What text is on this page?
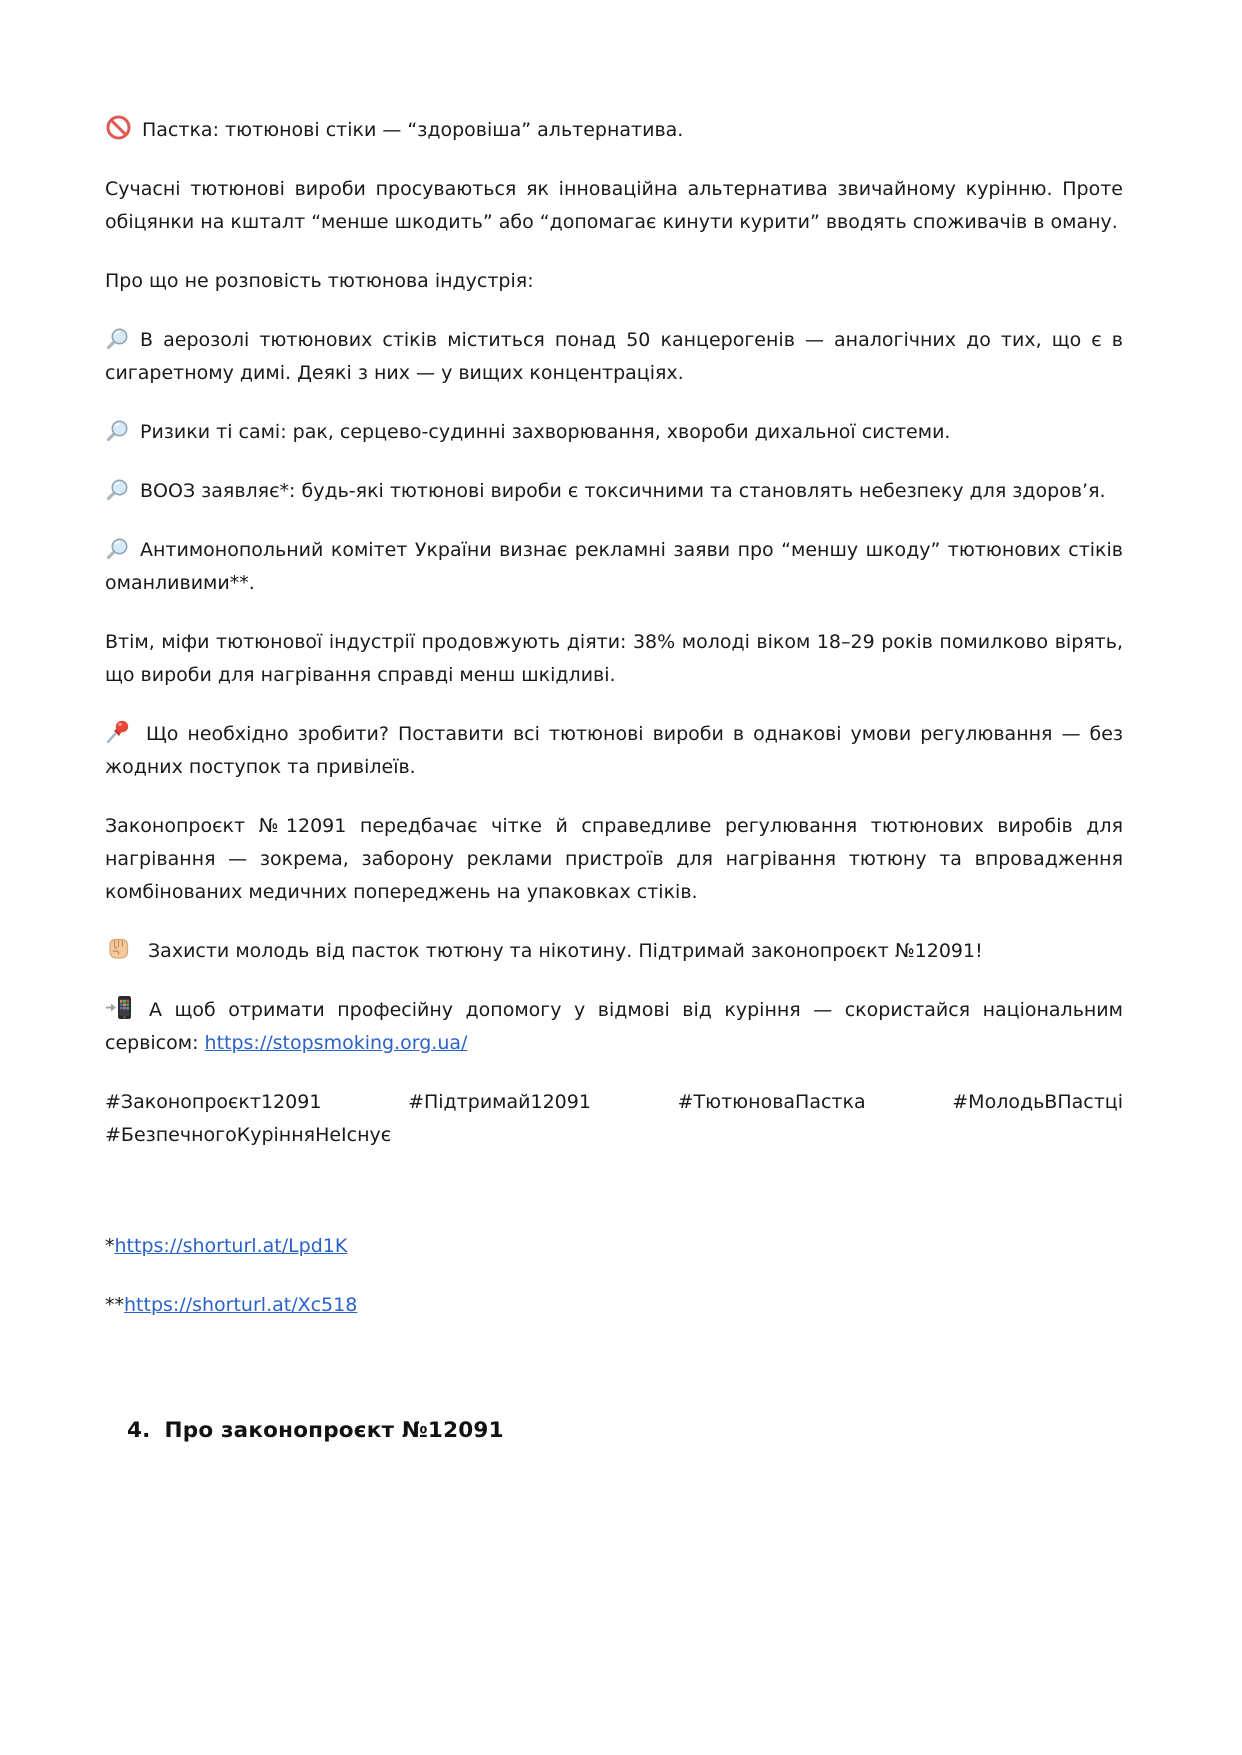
Пастка: тютюнові стіки — “здоровіша” альтернатива.

Сучасні тютюнові вироби просуваються як інноваційна альтернатива звичайному курінню. Проте обіцянки на кшталт “менше шкодить” або “допомагає кинути курити” вводять споживачів в оману.

Про що не розповість тютюнова індустрія:

В аерозолі тютюнових стіків міститься понад 50 канцерогенів — аналогічних до тих, що є в сигаретному димі. Деякі з них — у вищих концентраціях.

Ризики ті самі: рак, серцево-судинні захворювання, хвороби дихальної системи.

ВООЗ заявляє*: будь-які тютюнові вироби є токсичними та становлять небезпеку для здоров’я.

Антимонопольний комітет України визнає рекламні заяви про “меншу шкоду” тютюнових стіків оманливими**.

Втім, міфи тютюнової індустрії продовжують діяти: 38% молоді віком 18–29 років помилково вірять, що вироби для нагрівання справді менш шкідливі.

Що необхідно зробити? Поставити всі тютюнові вироби в однакові умови регулювання — без жодних поступок та привілеїв.

Законопроєкт №12091 передбачає чітке й справедливе регулювання тютюнових виробів для нагрівання — зокрема, заборону реклами пристроїв для нагрівання тютюну та впровадження комбінованих медичних попереджень на упаковках стіків.

Захисти молодь від пасток тютюну та нікотину. Підтримай законопроєкт №12091!

А щоб отримати професійну допомогу у відмові від куріння — скористайся національним сервісом: https://stopsmoking.org.ua/

#Законопроєкт12091	#Підтримай12091	#ТютюноваПастка	#МолодьВПастці

#БезпечногоКурінняНеІснує

*https://shorturl.at/Lpd1K

**https://shorturl.at/Xc518

4. Про законопроєкт №12091
